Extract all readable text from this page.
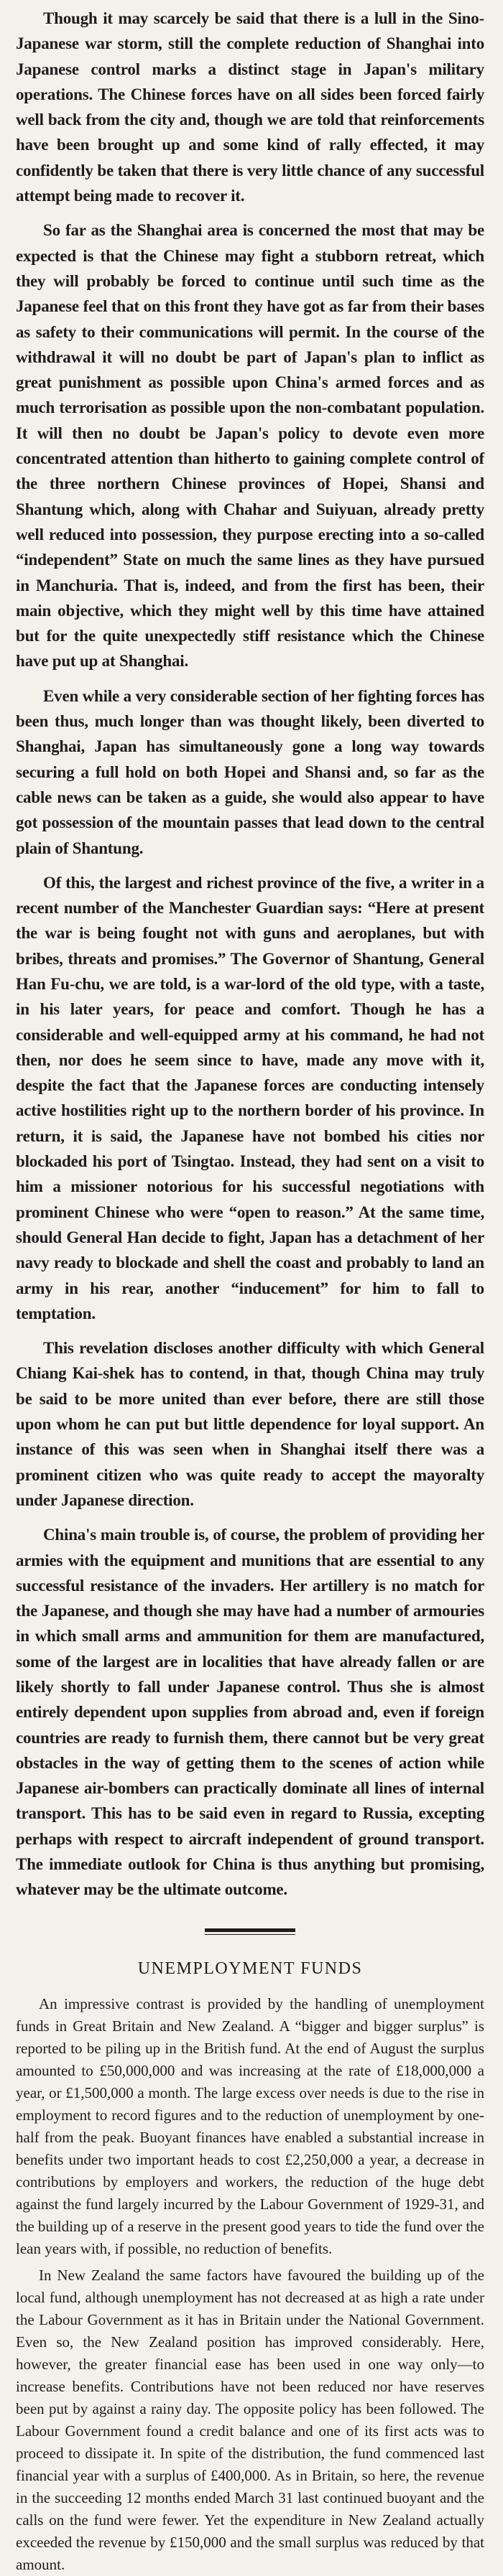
Though it may scarcely be said that there is a lull in the Sino-Japanese war storm, still the complete reduction of Shanghai into Japanese control marks a distinct stage in Japan's military operations. The Chinese forces have on all sides been forced fairly well back from the city and, though we are told that reinforcements have been brought up and some kind of rally effected, it may confidently be taken that there is very little chance of any successful attempt being made to recover it.

So far as the Shanghai area is concerned the most that may be expected is that the Chinese may fight a stubborn retreat, which they will probably be forced to continue until such time as the Japanese feel that on this front they have got as far from their bases as safety to their communications will permit. In the course of the withdrawal it will no doubt be part of Japan's plan to inflict as great punishment as possible upon China's armed forces and as much terrorisation as possible upon the non-combatant population. It will then no doubt be Japan's policy to devote even more concentrated attention than hitherto to gaining complete control of the three northern Chinese provinces of Hopei, Shansi and Shantung which, along with Chahar and Suiyuan, already pretty well reduced into possession, they purpose erecting into a so-called “independent” State on much the same lines as they have pursued in Manchuria. That is, indeed, and from the first has been, their main objective, which they might well by this time have attained but for the quite unexpectedly stiff resistance which the Chinese have put up at Shanghai.

Even while a very considerable section of her fighting forces has been thus, much longer than was thought likely, been diverted to Shanghai, Japan has simultaneously gone a long way towards securing a full hold on both Hopei and Shansi and, so far as the cable news can be taken as a guide, she would also appear to have got possession of the mountain passes that lead down to the central plain of Shantung.

Of this, the largest and richest province of the five, a writer in a recent number of the Manchester Guardian says: “Here at present the war is being fought not with guns and aeroplanes, but with bribes, threats and promises.” The Governor of Shantung, General Han Fu-chu, we are told, is a war-lord of the old type, with a taste, in his later years, for peace and comfort. Though he has a considerable and well-equipped army at his command, he had not then, nor does he seem since to have, made any move with it, despite the fact that the Japanese forces are conducting intensely active hostilities right up to the northern border of his province. In return, it is said, the Japanese have not bombed his cities nor blockaded his port of Tsingtao. Instead, they had sent on a visit to him a missioner notorious for his successful negotiations with prominent Chinese who were “open to reason.” At the same time, should General Han decide to fight, Japan has a detachment of her navy ready to blockade and shell the coast and probably to land an army in his rear, another “inducement” for him to fall to temptation.

This revelation discloses another difficulty with which General Chiang Kai-shek has to contend, in that, though China may truly be said to be more united than ever before, there are still those upon whom he can put but little dependence for loyal support. An instance of this was seen when in Shanghai itself there was a prominent citizen who was quite ready to accept the mayoralty under Japanese direction.

China's main trouble is, of course, the problem of providing her armies with the equipment and munitions that are essential to any successful resistance of the invaders. Her artillery is no match for the Japanese, and though she may have had a number of armouries in which small arms and ammunition for them are manufactured, some of the largest are in localities that have already fallen or are likely shortly to fall under Japanese control. Thus she is almost entirely dependent upon supplies from abroad and, even if foreign countries are ready to furnish them, there cannot but be very great obstacles in the way of getting them to the scenes of action while Japanese air-bombers can practically dominate all lines of internal transport. This has to be said even in regard to Russia, excepting perhaps with respect to aircraft independent of ground transport. The immediate outlook for China is thus anything but promising, whatever may be the ultimate outcome.

UNEMPLOYMENT FUNDS

An impressive contrast is provided by the handling of unemployment funds in Great Britain and New Zealand. A “bigger and bigger surplus” is reported to be piling up in the British fund. At the end of August the surplus amounted to £50,000,000 and was increasing at the rate of £18,000,000 a year, or £1,500,000 a month. The large excess over needs is due to the rise in employment to record figures and to the reduction of unemployment by one-half from the peak. Buoyant finances have enabled a substantial increase in benefits under two important heads to cost £2,250,000 a year, a decrease in contributions by employers and workers, the reduction of the huge debt against the fund largely incurred by the Labour Government of 1929-31, and the building up of a reserve in the present good years to tide the fund over the lean years with, if possible, no reduction of benefits.

In New Zealand the same factors have favoured the building up of the local fund, although unemployment has not decreased at as high a rate under the Labour Government as it has in Britain under the National Government. Even so, the New Zealand position has improved considerably. Here, however, the greater financial ease has been used in one way only—to increase benefits. Contributions have not been reduced nor have reserves been put by against a rainy day. The opposite policy has been followed. The Labour Government found a credit balance and one of its first acts was to proceed to dissipate it. In spite of the distribution, the fund commenced last financial year with a surplus of £400,000. As in Britain, so here, the revenue in the succeeding 12 months ended March 31 last continued buoyant and the calls on the fund were fewer. Yet the expenditure in New Zealand actually exceeded the revenue by £150,000 and the small surplus was reduced by that amount.
